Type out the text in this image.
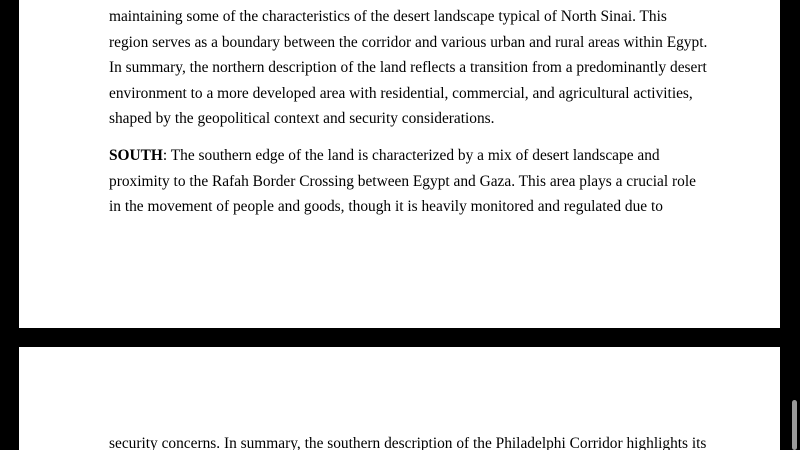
maintaining some of the characteristics of the desert landscape typical of North Sinai. This
region serves as a boundary between the corridor and various urban and rural areas within Egypt.
In summary, the northern description of the land reflects a transition from a predominantly desert
environment to a more developed area with residential, commercial, and agricultural activities,
shaped by the geopolitical context and security considerations.

SOUTH: The southern edge of the land is characterized by a mix of desert landscape and
proximity to the Rafah Border Crossing between Egypt and Gaza. This area plays a crucial role
in the movement of people and goods, though it is heavily monitored and regulated due to

security concerns. In summary, the southern description of the Philadelphi Corridor highlights its
